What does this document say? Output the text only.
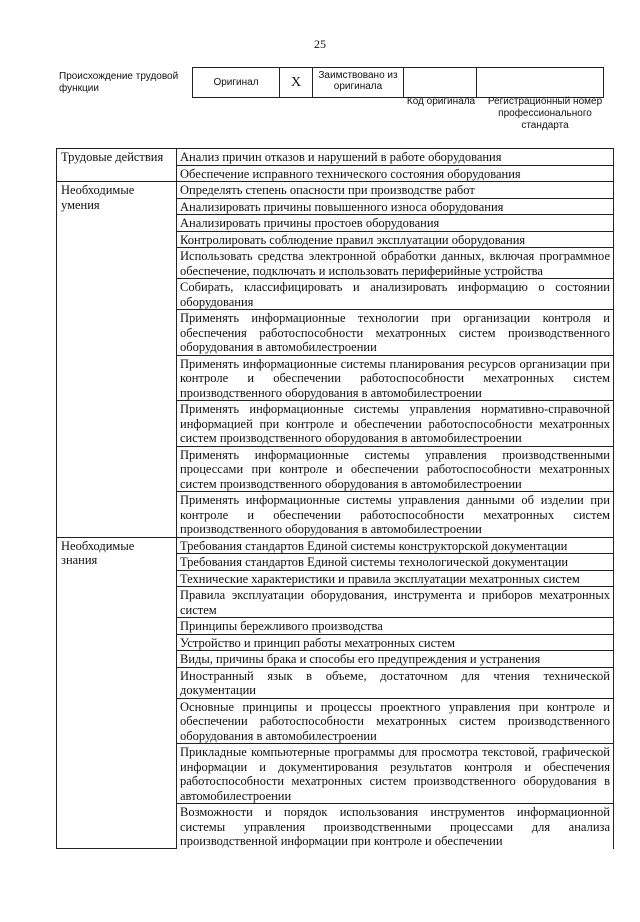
25
Происхождение трудовой функции
Оригинал	X	Заимствовано из оригинала		
Код оригинала	Регистрационный номер профессионального стандарта
Трудовые действия	Анализ причин отказов и нарушений в работе оборудования
	Обеспечение исправного технического состояния оборудования
Необходимые умения	Определять степень опасности при производстве работ
	Анализировать причины повышенного износа оборудования
	Анализировать причины простоев оборудования
	Контролировать соблюдение правил эксплуатации оборудования
	Использовать средства электронной обработки данных, включая программное обеспечение, подключать и использовать периферийные устройства
	Собирать, классифицировать и анализировать информацию о состоянии оборудования
	Применять информационные технологии при организации контроля и обеспечения работоспособности мехатронных систем производственного оборудования в автомобилестроении
	Применять информационные системы планирования ресурсов организации при контроле и обеспечении работоспособности мехатронных систем производственного оборудования в автомобилестроении
	Применять информационные системы управления нормативно-справочной информацией при контроле и обеспечении работоспособности мехатронных систем производственного оборудования в автомобилестроении
	Применять информационные системы управления производственными процессами при контроле и обеспечении работоспособности мехатронных систем производственного оборудования в автомобилестроении
	Применять информационные системы управления данными об изделии при контроле и обеспечении работоспособности мехатронных систем производственного оборудования в автомобилестроении
Необходимые знания	Требования стандартов Единой системы конструкторской документации
	Требования стандартов Единой системы технологической документации
	Технические характеристики и правила эксплуатации мехатронных систем
	Правила эксплуатации оборудования, инструмента и приборов мехатронных систем
	Принципы бережливого производства
	Устройство и принцип работы мехатронных систем
	Виды, причины брака и способы его предупреждения и устранения
	Иностранный язык в объеме, достаточном для чтения технической документации
	Основные принципы и процессы проектного управления при контроле и обеспечении работоспособности мехатронных систем производственного оборудования в автомобилестроении
	Прикладные компьютерные программы для просмотра текстовой, графической информации и документирования результатов контроля и обеспечения работоспособности мехатронных систем производственного оборудования в автомобилестроении
	Возможности и порядок использования инструментов информационной системы управления производственными процессами для анализа производственной информации при контроле и обеспечении
